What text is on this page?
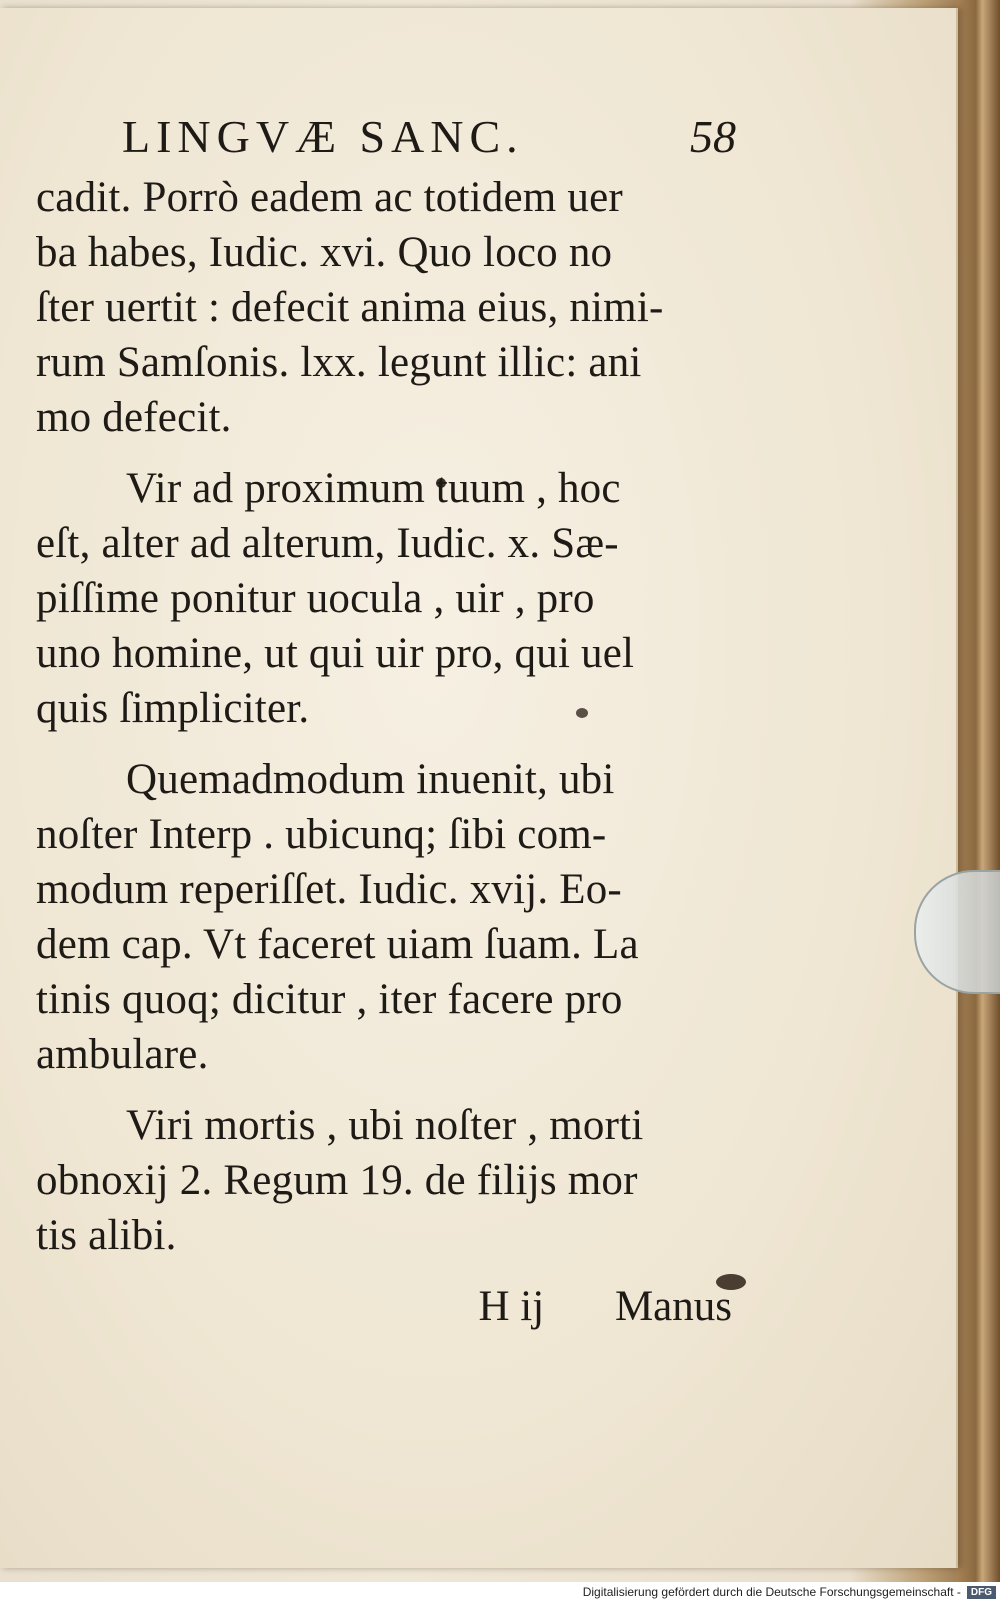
LINGVÆ SANC.	58
cadit. Porrò eadem ac totidem uer
ba habes, Iudic. xvi. Quo loco no
ſter uertit : defecit anima eius, nimi-
rum Samſonis. lxx. legunt illic: ani
mo defecit.
Vir ad proximum tuum , hoc
eſt, alter ad alterum, Iudic. x. Sæ-
piſſime ponitur uocula , uir , pro
uno homine, ut qui uir pro, qui uel
quis ſimpliciter.
Quemadmodum inuenit, ubi
noſter Interp . ubicunq; ſibi com-
modum reperiſſet. Iudic. xvij. Eo-
dem cap. Vt faceret uiam ſuam. La
tinis quoq; dicitur , iter facere pro
ambulare.
Viri mortis , ubi noſter , morti
obnoxij 2. Regum 19. de filijs mor
tis alibi.
H ij Manus
Digitalisierung gefördert durch die Deutsche Forschungsgemeinschaft -	DFG
